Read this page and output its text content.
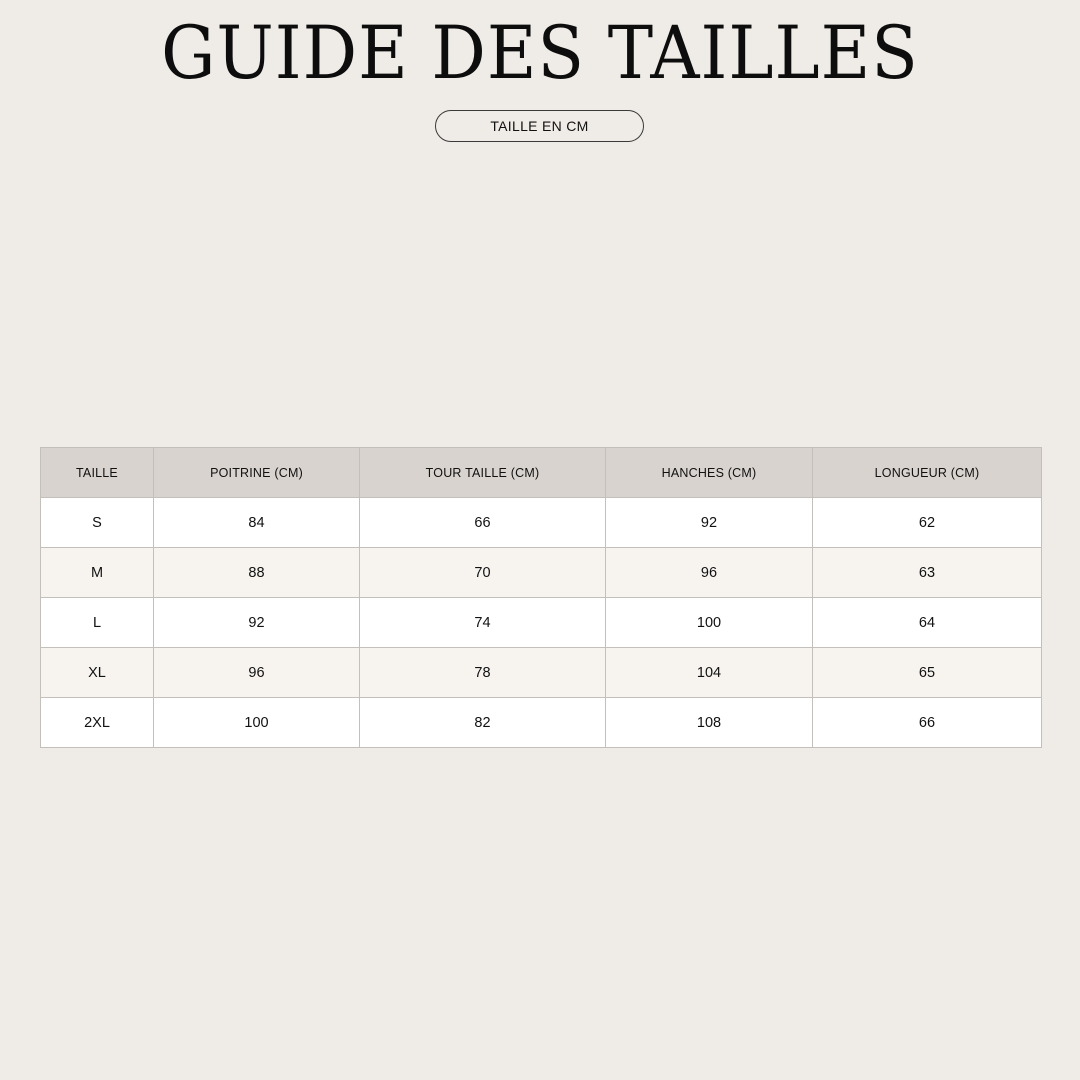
GUIDE DES TAILLES
TAILLE EN CM
TAILLE	POITRINE (CM)	TOUR TAILLE (CM)	HANCHES (CM)	LONGUEUR (CM)
S	84	66	92	62
M	88	70	96	63
L	92	74	100	64
XL	96	78	104	65
2XL	100	82	108	66
